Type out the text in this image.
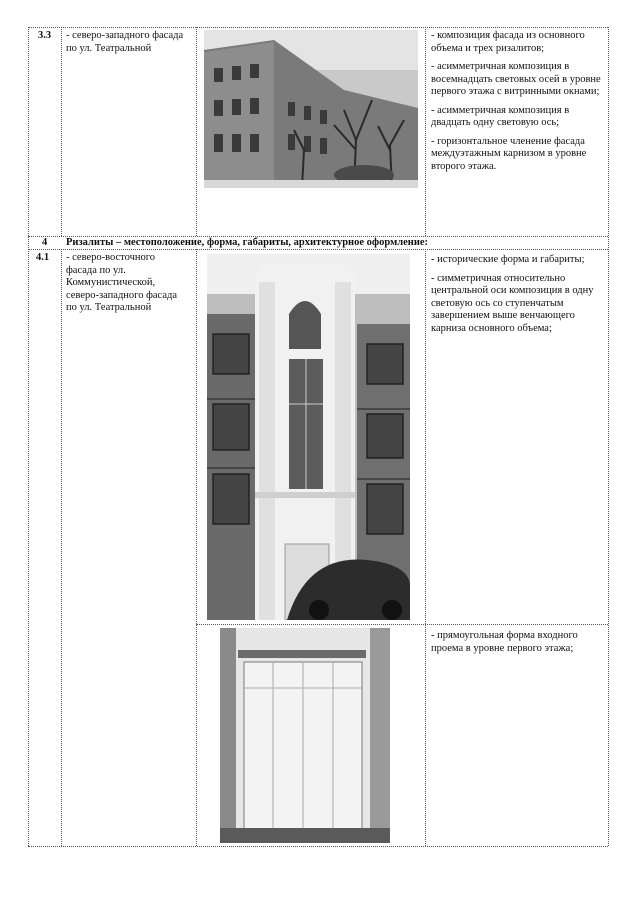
3.3 - северо-западного фасада по ул. Театральной
- композиция фасада из основного объема и трех ризалитов;
- асимметричная композиция в восемнадцать световых осей в уровне первого этажа с витринными окнами;
- асимметричная композиция в двадцать одну световую ось;
- горизонтальное членение фасада междуэтажным карнизом в уровне второго этажа.
4 Ризалиты – местоположение, форма, габариты, архитектурное оформление:
4.1 - северо-восточного фасада по ул. Коммунистической, северо-западного фасада по ул. Театральной
- исторические форма и габариты;
- симметричная относительно центральной оси композиция в одну световую ось со ступенчатым завершением выше венчающего карниза основного объема;
- прямоугольная форма входного проема в уровне первого этажа;
